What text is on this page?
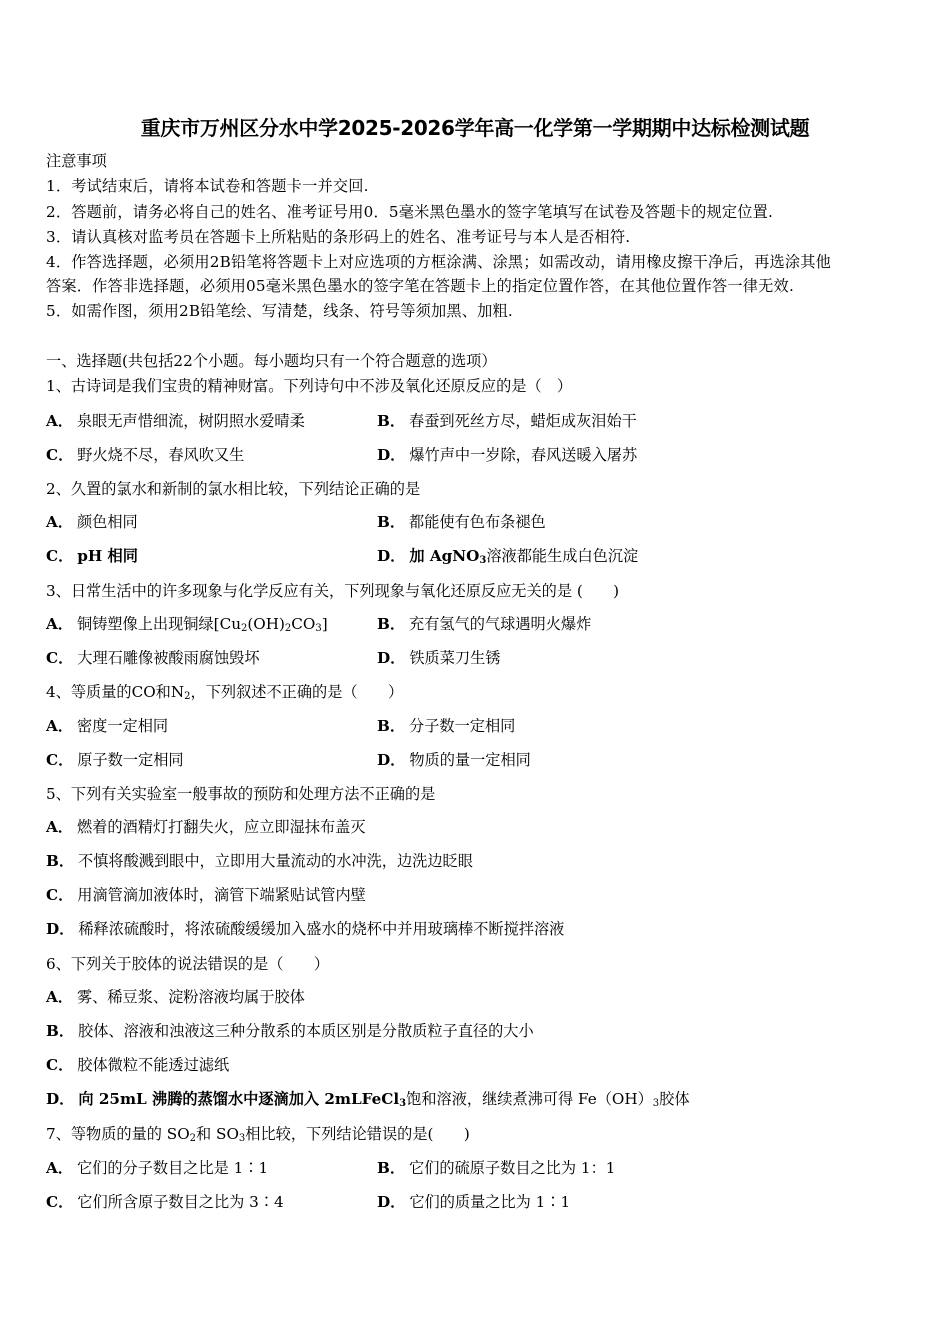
重庆市万州区分水中学2025-2026学年高一化学第一学期期中达标检测试题
注意事项
1．考试结束后，请将本试卷和答题卡一并交回.
2．答题前，请务必将自己的姓名、准考证号用0．5毫米黑色墨水的签字笔填写在试卷及答题卡的规定位置.
3．请认真核对监考员在答题卡上所粘贴的条形码上的姓名、准考证号与本人是否相符.
4．作答选择题，必须用2B铅笔将答题卡上对应选项的方框涂满、涂黑；如需改动，请用橡皮擦干净后，再选涂其他
答案．作答非选择题，必须用05毫米黑色墨水的签字笔在答题卡上的指定位置作答，在其他位置作答一律无效.
5．如需作图，须用2B铅笔绘、写清楚，线条、符号等须加黑、加粗.
一、选择题(共包括22个小题。每小题均只有一个符合题意的选项）
1、古诗词是我们宝贵的精神财富。下列诗句中不涉及氧化还原反应的是（　）
A． 泉眼无声惜细流，树阴照水爱晴柔	B． 春蚕到死丝方尽，蜡炬成灰泪始干
C． 野火烧不尽，春风吹又生	D． 爆竹声中一岁除，春风送暖入屠苏
2、久置的氯水和新制的氯水相比较，下列结论正确的是
A． 颜色相同	B． 都能使有色布条褪色
C． pH 相同	D． 加 AgNO$_3$溶液都能生成白色沉淀
3、日常生活中的许多现象与化学反应有关，下列现象与氧化还原反应无关的是 (　　)
A． 铜铸塑像上出现铜绿$[Cu_2(OH)_2CO_3]$	B． 充有氢气的气球遇明火爆炸
C． 大理石雕像被酸雨腐蚀毁坏	D． 铁质菜刀生锈
4、等质量的CO和$N_2$，下列叙述不正确的是（　　）
A． 密度一定相同	B． 分子数一定相同
C． 原子数一定相同	D． 物质的量一定相同
5、下列有关实验室一般事故的预防和处理方法不正确的是
A． 燃着的酒精灯打翻失火，应立即湿抹布盖灭
B． 不慎将酸溅到眼中，立即用大量流动的水冲洗，边洗边眨眼
C． 用滴管滴加液体时，滴管下端紧贴试管内壁
D． 稀释浓硫酸时，将浓硫酸缓缓加入盛水的烧杯中并用玻璃棒不断搅拌溶液
6、下列关于胶体的说法错误的是（　　）
A． 雾、稀豆浆、淀粉溶液均属于胶体
B． 胶体、溶液和浊液这三种分散系的本质区别是分散质粒子直径的大小
C． 胶体微粒不能透过滤纸
D． 向 25mL 沸腾的蒸馏水中逐滴加入 2mLFeCl$_3$饱和溶液，继续煮沸可得 $Fe(OH)_3$胶体
7、等物质的量的 $SO_2$和 $SO_3$相比较，下列结论错误的是(　　)
A． 它们的分子数目之比是 1∶1	B． 它们的硫原子数目之比为 1：1
C． 它们所含原子数目之比为 3∶4	D． 它们的质量之比为 1∶1
